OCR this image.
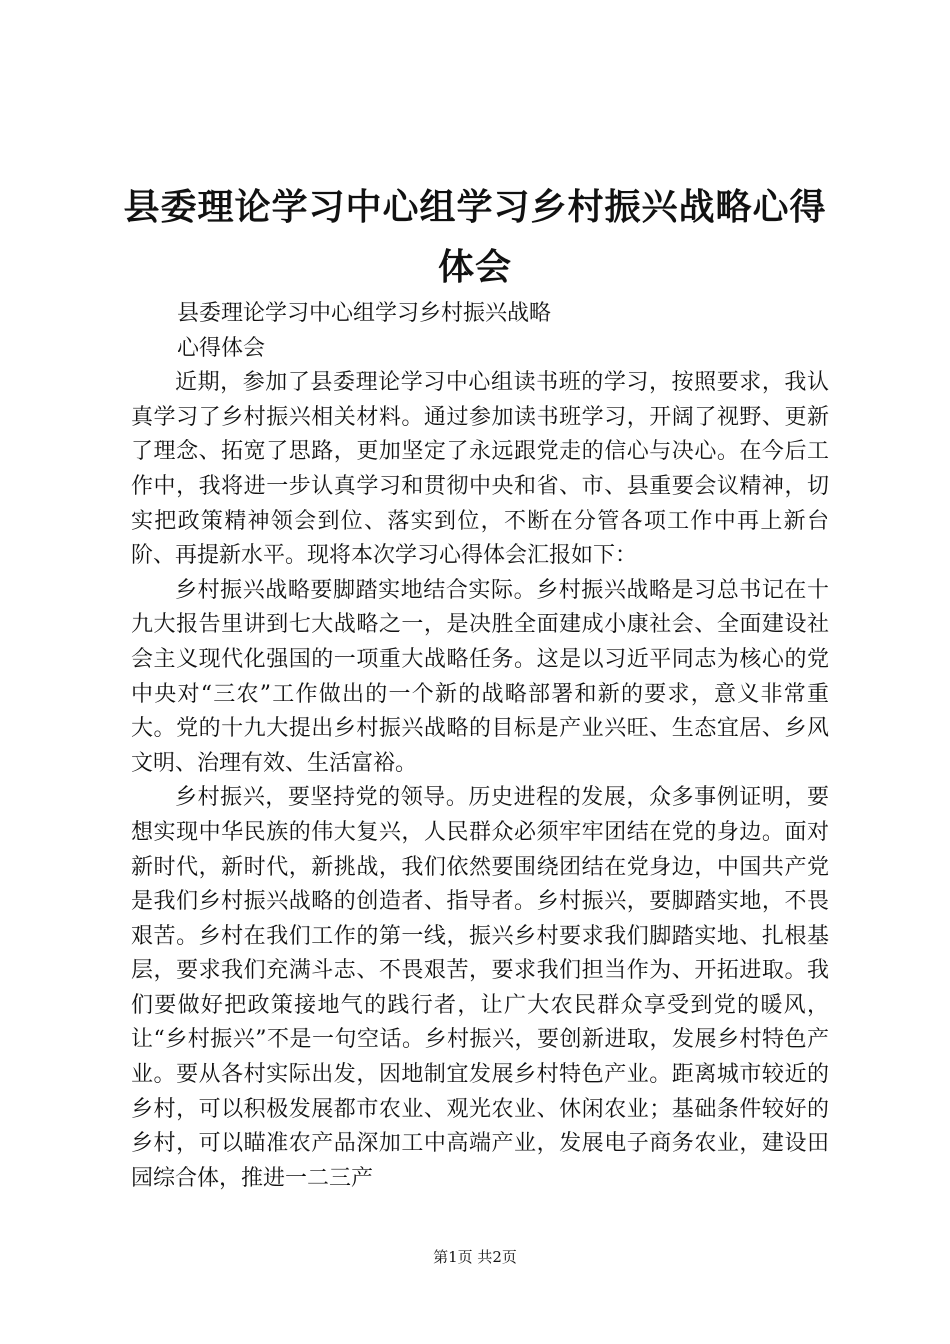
县委理论学习中心组学习乡村振兴战略心得体会

县委理论学习中心组学习乡村振兴战略

心得体会

近期，参加了县委理论学习中心组读书班的学习，按照要求，我认真学习了乡村振兴相关材料。通过参加读书班学习，开阔了视野、更新了理念、拓宽了思路，更加坚定了永远跟党走的信心与决心。在今后工作中，我将进一步认真学习和贯彻中央和省、市、县重要会议精神，切实把政策精神领会到位、落实到位，不断在分管各项工作中再上新台阶、再提新水平。现将本次学习心得体会汇报如下：

乡村振兴战略要脚踏实地结合实际。乡村振兴战略是习总书记在十九大报告里讲到七大战略之一，是决胜全面建成小康社会、全面建设社会主义现代化强国的一项重大战略任务。这是以习近平同志为核心的党中央对“三农”工作做出的一个新的战略部署和新的要求，意义非常重大。党的十九大提出乡村振兴战略的目标是产业兴旺、生态宜居、乡风文明、治理有效、生活富裕。

乡村振兴，要坚持党的领导。历史进程的发展，众多事例证明，要想实现中华民族的伟大复兴，人民群众必须牢牢团结在党的身边。面对新时代，新时代，新挑战，我们依然要围绕团结在党身边，中国共产党是我们乡村振兴战略的创造者、指导者。乡村振兴，要脚踏实地，不畏艰苦。乡村在我们工作的第一线，振兴乡村要求我们脚踏实地、扎根基层，要求我们充满斗志、不畏艰苦，要求我们担当作为、开拓进取。我们要做好把政策接地气的践行者，让广大农民群众享受到党的暖风，让“乡村振兴”不是一句空话。乡村振兴，要创新进取，发展乡村特色产业。要从各村实际出发，因地制宜发展乡村特色产业。距离城市较近的乡村，可以积极发展都市农业、观光农业、休闲农业；基础条件较好的乡村，可以瞄准农产品深加工中高端产业，发展电子商务农业，建设田园综合体，推进一二三产

第1页 共2页
